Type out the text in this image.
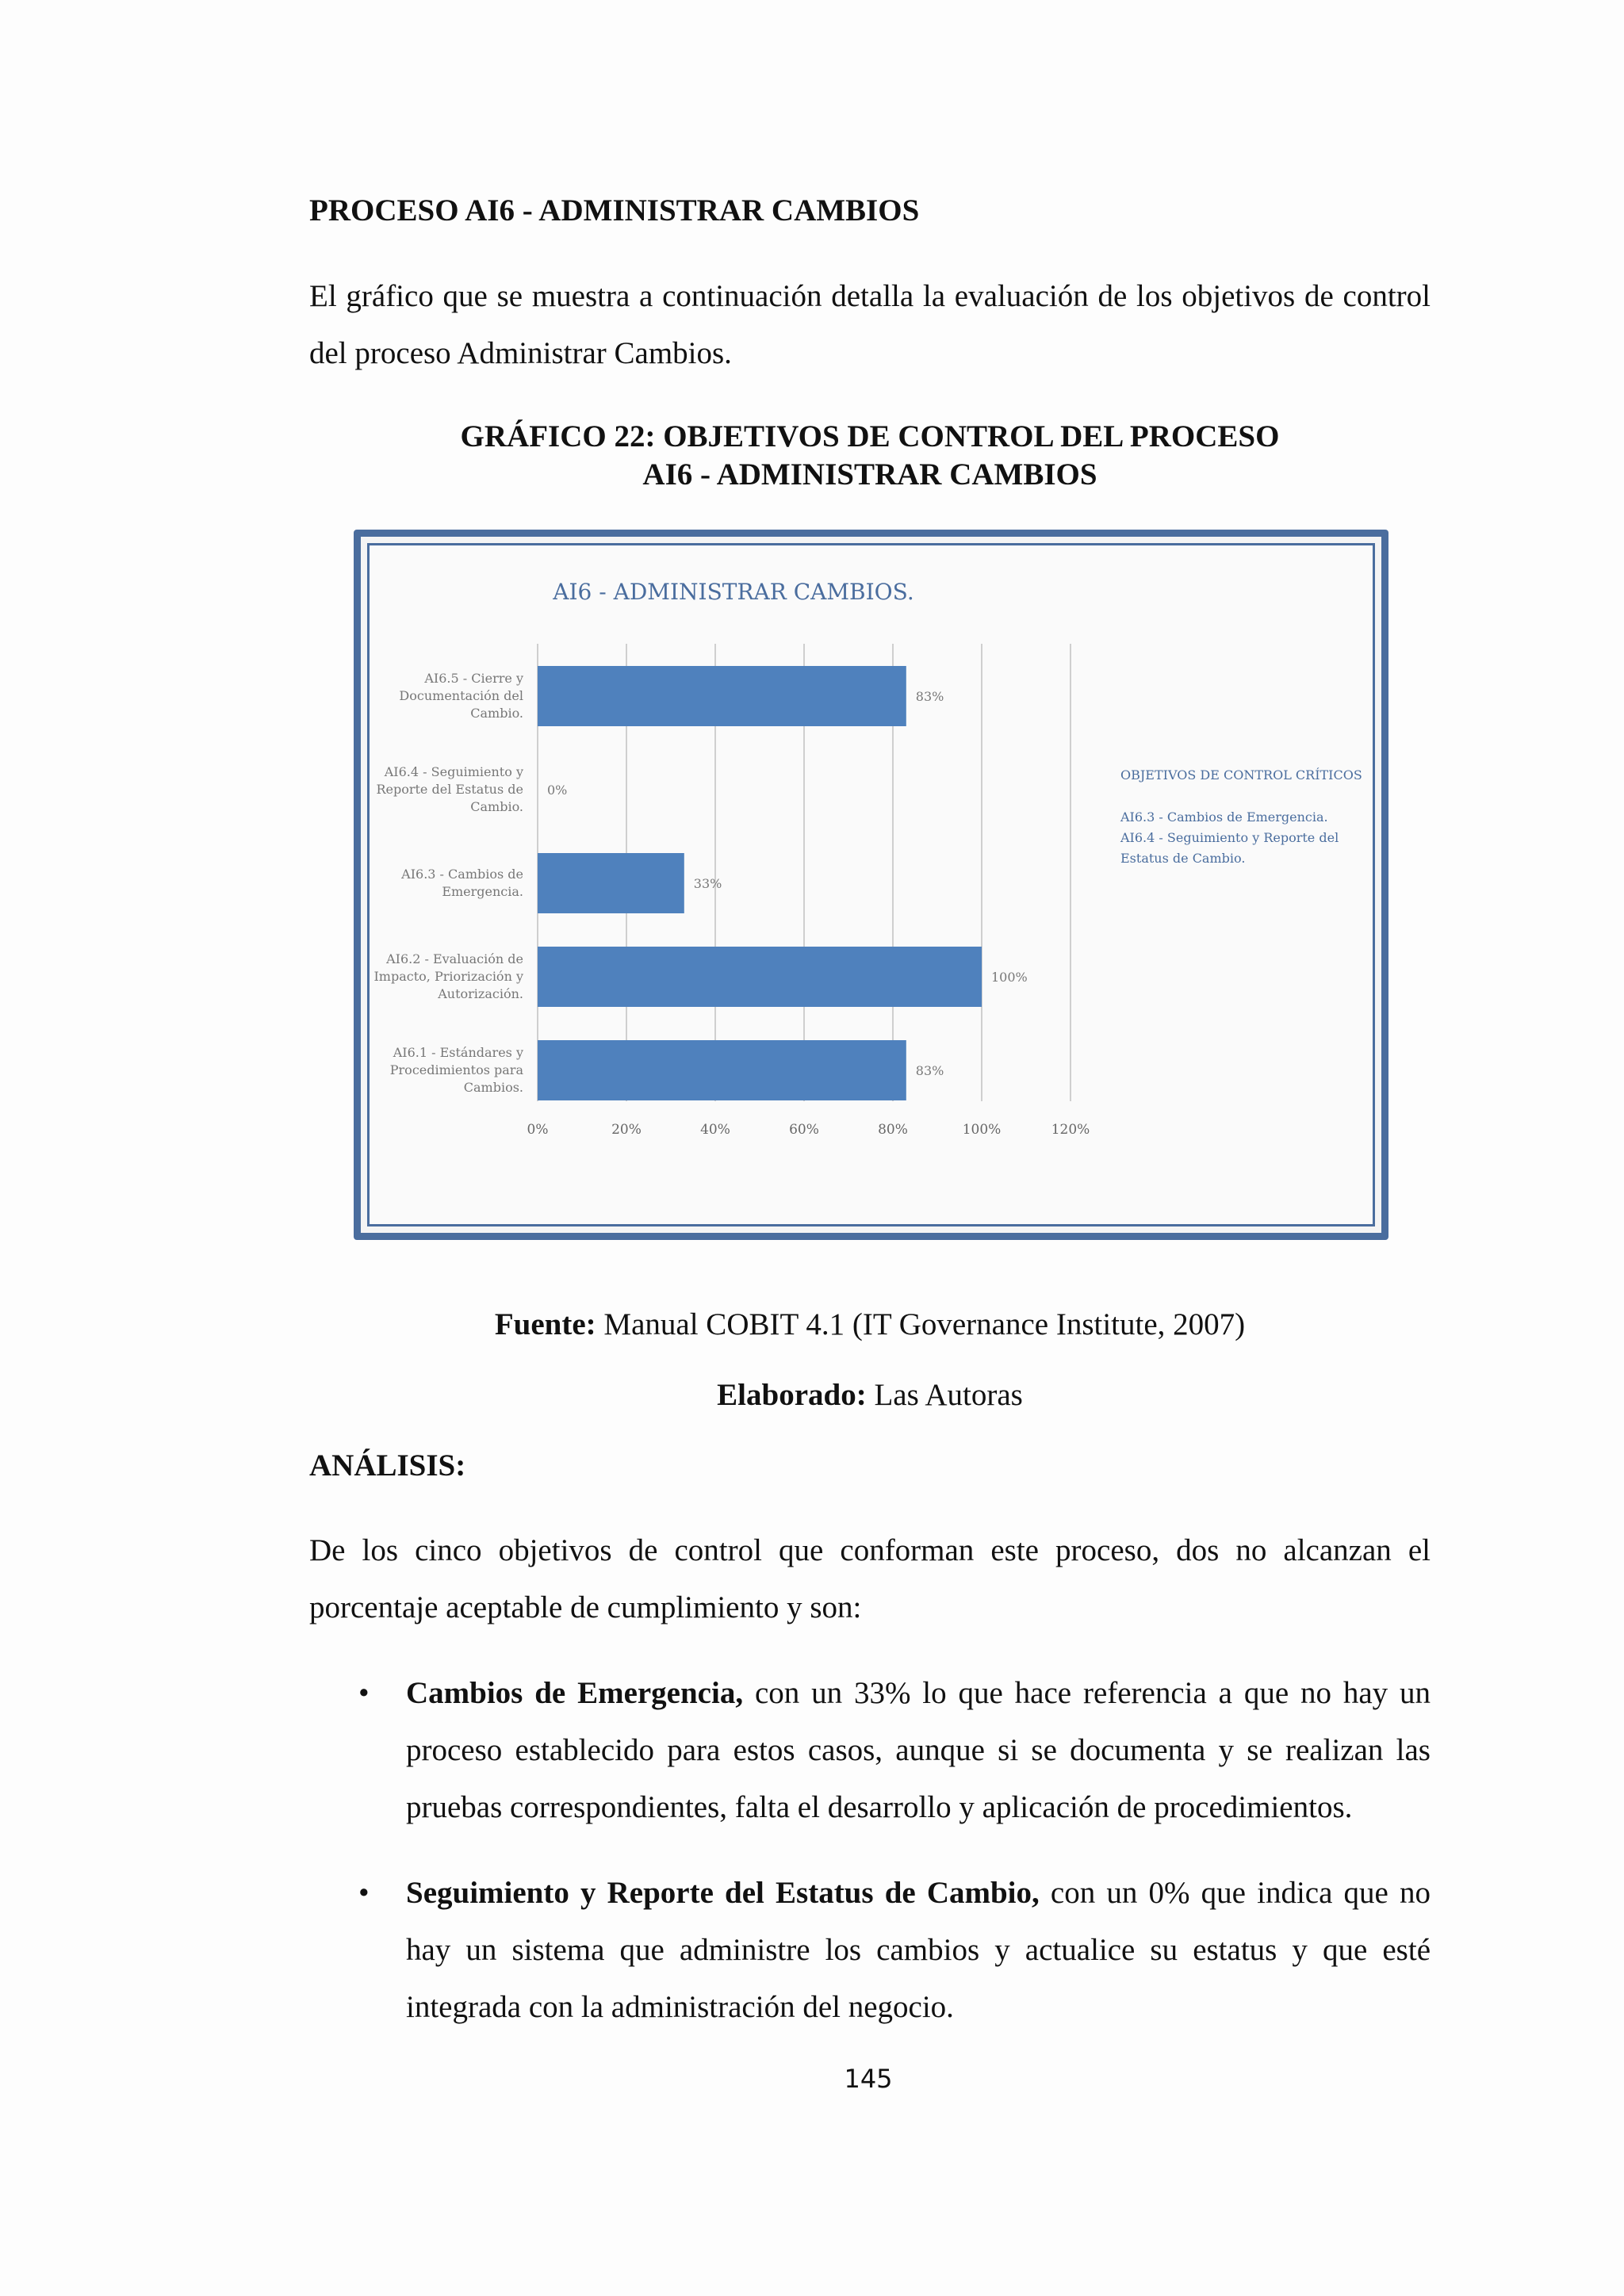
PROCESO AI6 - ADMINISTRAR CAMBIOS
El gráfico que se muestra a continuación detalla la evaluación de los objetivos de control del proceso Administrar Cambios.
GRÁFICO 22: OBJETIVOS DE CONTROL DEL PROCESO
AI6 - ADMINISTRAR CAMBIOS
AI6 - ADMINISTRAR CAMBIOS.
0%	20%	40%	60%	80%	100%	120%
83%
AI6.5 - Cierre y
Documentación del
Cambio.
0%
AI6.4 - Seguimiento y
Reporte del Estatus de
Cambio.
33%
AI6.3 - Cambios de
Emergencia.
100%
AI6.2 - Evaluación de
Impacto, Priorización y
Autorización.
83%
AI6.1 - Estándares y
Procedimientos para
Cambios.
OBJETIVOS DE CONTROL CRÍTICOS
AI6.3 - Cambios de Emergencia.
AI6.4 - Seguimiento y Reporte del
Estatus de Cambio.
Fuente: Manual COBIT 4.1 (IT Governance Institute, 2007)
Elaborado: Las Autoras
ANÁLISIS:
De los cinco objetivos de control que conforman este proceso, dos no alcanzan el porcentaje aceptable de cumplimiento y son:
• Cambios de Emergencia, con un 33% lo que hace referencia a que no hay un proceso establecido para estos casos, aunque si se documenta y se realizan las pruebas correspondientes, falta el desarrollo y aplicación de procedimientos.
• Seguimiento y Reporte del Estatus de Cambio, con un 0% que indica que no hay un sistema que administre los cambios y actualice su estatus y que esté integrada con la administración del negocio.
145
